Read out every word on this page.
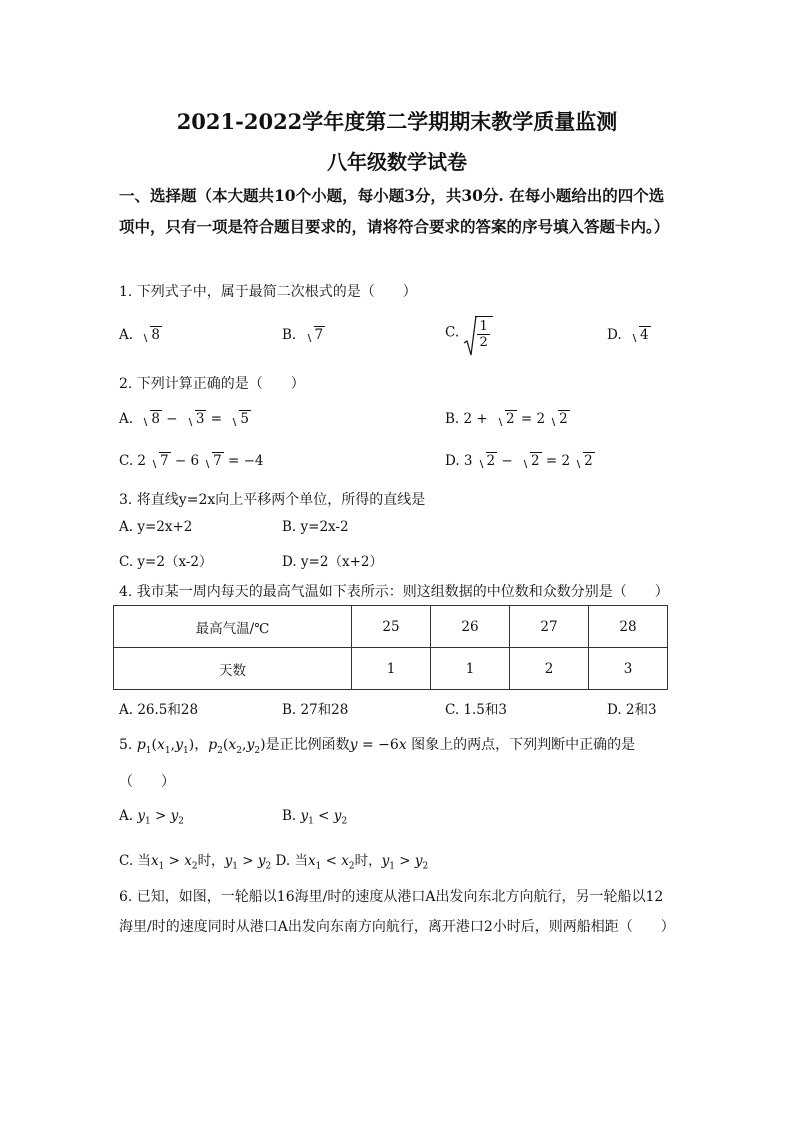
2021-2022学年度第二学期期末教学质量监测
八年级数学试卷
一、选择题（本大题共10个小题，每小题3分，共30分. 在每小题给出的四个选项中，只有一项是符合题目要求的，请将符合要求的答案的序号填入答题卡内。）
1. 下列式子中，属于最简二次根式的是（　　）
A. 8	B. 7	C. $\frac{1}{2}$	D. 4
2. 下列计算正确的是（　　）
A. 8 − 3 = 5	B. 2 + 2 = 2 2
C. 2 7 − 6 7 = −4	D. 3 2 − 2 = 2 2
3. 将直线y=2x向上平移两个单位，所得的直线是
A. y=2x+2	B. y=2x-2
C. y=2（x-2）	D. y=2（x+2）
4. 我市某一周内每天的最高气温如下表所示：则这组数据的中位数和众数分别是（　　）
最高气温/℃	25	26	27	28
天数	1	1	2	3
A. 26.5和28	B. 27和28	C. 1.5和3	D. 2和3
5. $p_1(x_1,y_1)$，$p_2(x_2,y_2)$是正比例函数y = −6x 图象上的两点，下列判断中正确的是
（　　）
A. $y_1 > y_2$	B. $y_1 < y_2$
C. 当$x_1 > x_2$时，$y_1 > y_2$ D. 当$x_1 < x_2$时，$y_1 > y_2$
6. 已知，如图，一轮船以16海里/时的速度从港口A出发向东北方向航行，另一轮船以12
海里/时的速度同时从港口A出发向东南方向航行，离开港口2小时后，则两船相距（　　）
